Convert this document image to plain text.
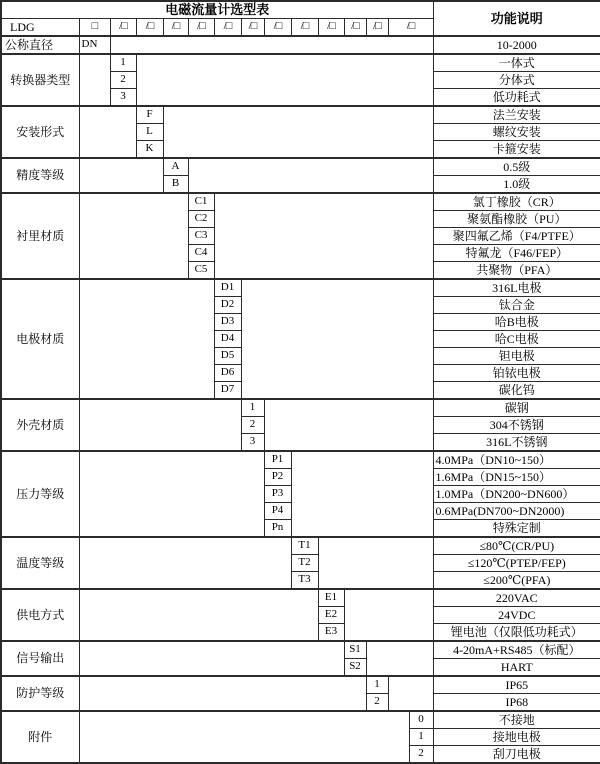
电磁流量计选型表															功能说明
LDG	□	/□	/□	/□	/□	/□	/□	/□	/□	/□	/□	/□	/□		
公称直径	DN														10-2000
转换器类型		1													一体式
		2													分体式
		3													低功耗式
安装形式			F												法兰安装
			L												螺纹安装
			K												卡箍安装
精度等级				A											0.5级
				B											1.0级
衬里材质					C1										氯丁橡胶（CR）
					C2										聚氨酯橡胶（PU）
					C3										聚四氟乙烯（F4/PTFE）
					C4										特氟龙（F46/FEP）
					C5										共聚物（PFA）
电极材质						D1									316L电极
						D2									钛合金
						D3									哈B电极
						D4									哈C电极
						D5									钽电极
						D6									铂铱电极
						D7									碳化钨
外壳材质							1								碳钢
							2								304不锈钢
							3								316L不锈钢
压力等级								P1							4.0MPa（DN10~150）
								P2							1.6MPa（DN15~150）
								P3							1.0MPa（DN200~DN600）
								P4							0.6MPa(DN700~DN2000)
								Pn							特殊定制
温度等级									T1						≤80℃(CR/PU)
									T2						≤120℃(PTEP/FEP)
									T3						≤200℃(PFA)
供电方式										E1					220VAC
										E2					24VDC
										E3					锂电池（仅限低功耗式）
信号输出											S1				4-20mA+RS485（标配）
											S2				HART
防护等级												1			IP65
												2			IP68
附件														0	不接地
														1	接地电极
														2	刮刀电极
